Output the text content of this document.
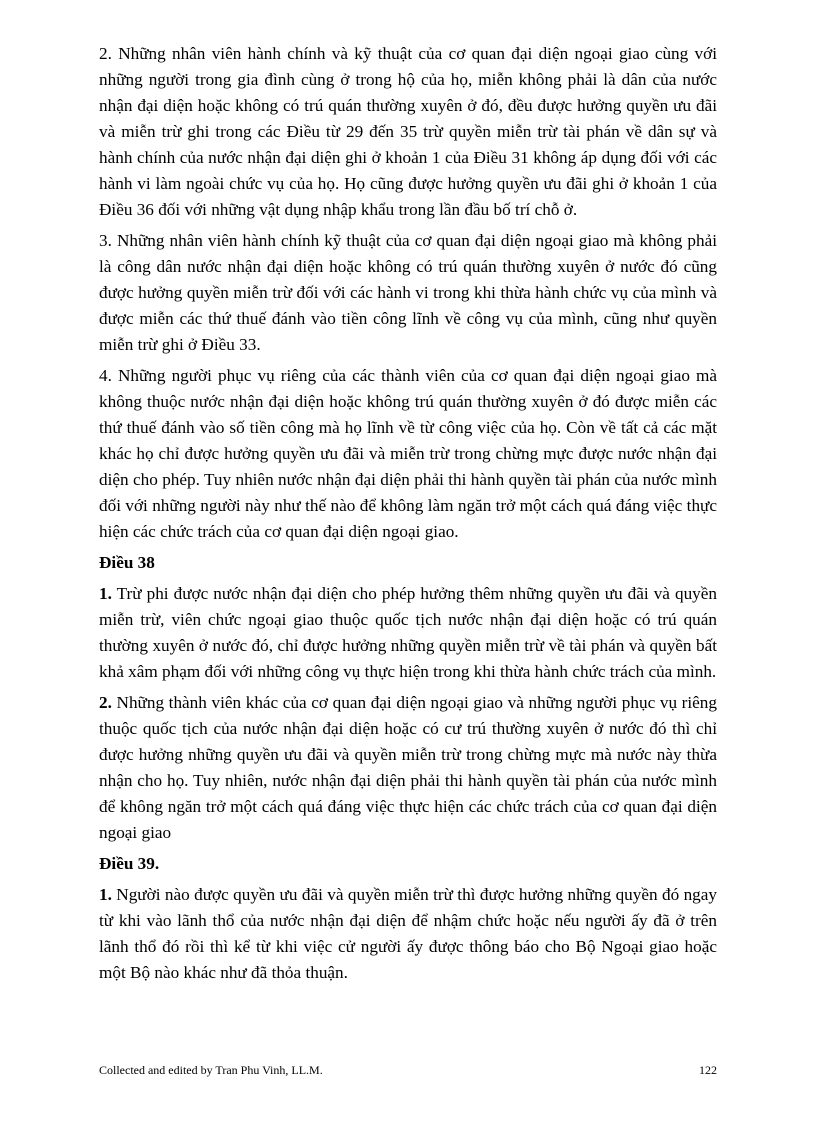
2. Những nhân viên hành chính và kỹ thuật của cơ quan đại diện ngoại giao cùng với những người trong gia đình cùng ở trong hộ của họ, miễn không phải là dân của nước nhận đại diện hoặc không có trú quán thường xuyên ở đó, đều được hưởng quyền ưu đãi và miễn trừ ghi trong các Điều từ 29 đến 35 trừ quyền miễn trừ tài phán về dân sự và hành chính của nước nhận đại diện ghi ở khoản 1 của Điều 31 không áp dụng đối với các hành vi làm ngoài chức vụ của họ. Họ cũng được hưởng quyền ưu đãi ghi ở khoản 1 của Điều 36 đối với những vật dụng nhập khẩu trong lần đầu bố trí chỗ ở.

3. Những nhân viên hành chính kỹ thuật của cơ quan đại diện ngoại giao mà không phải là công dân nước nhận đại diện hoặc không có trú quán thường xuyên ở nước đó cũng được hưởng quyền miễn trừ đối với các hành vi trong khi thừa hành chức vụ của mình và được miễn các thứ thuế đánh vào tiền công lĩnh về công vụ của mình, cũng như quyền miễn trừ ghi ở Điều 33.

4. Những người phục vụ riêng của các thành viên của cơ quan đại diện ngoại giao mà không thuộc nước nhận đại diện hoặc không trú quán thường xuyên ở đó được miễn các thứ thuế đánh vào số tiền công mà họ lĩnh về từ công việc của họ. Còn về tất cả các mặt khác họ chỉ được hưởng quyền ưu đãi và miễn trừ trong chừng mực được nước nhận đại diện cho phép. Tuy nhiên nước nhận đại diện phải thi hành quyền tài phán của nước mình đối với những người này như thế nào để không làm ngăn trở một cách quá đáng việc thực hiện các chức trách của cơ quan đại diện ngoại giao.

Điều 38

1. Trừ phi được nước nhận đại diện cho phép hưởng thêm những quyền ưu đãi và quyền miễn trừ, viên chức ngoại giao thuộc quốc tịch nước nhận đại diện hoặc có trú quán thường xuyên ở nước đó, chỉ được hưởng những quyền miễn trừ về tài phán và quyền bất khả xâm phạm đối với những công vụ thực hiện trong khi thừa hành chức trách của mình.

2. Những thành viên khác của cơ quan đại diện ngoại giao và những người phục vụ riêng thuộc quốc tịch của nước nhận đại diện hoặc có cư trú thường xuyên ở nước đó thì chỉ được hưởng những quyền ưu đãi và quyền miễn trừ trong chừng mực mà nước này thừa nhận cho họ. Tuy nhiên, nước nhận đại diện phải thi hành quyền tài phán của nước mình để không ngăn trở một cách quá đáng việc thực hiện các chức trách của cơ quan đại diện ngoại giao

Điều 39.

1. Người nào được quyền ưu đãi và quyền miễn trừ thì được hưởng những quyền đó ngay từ khi vào lãnh thổ của nước nhận đại diện để nhậm chức hoặc nếu người ấy đã ở trên lãnh thổ đó rồi thì kể từ khi việc cử người ấy được thông báo cho Bộ Ngoại giao hoặc một Bộ nào khác như đã thỏa thuận.

Collected and edited by Tran Phu Vinh, LL.M.	122
